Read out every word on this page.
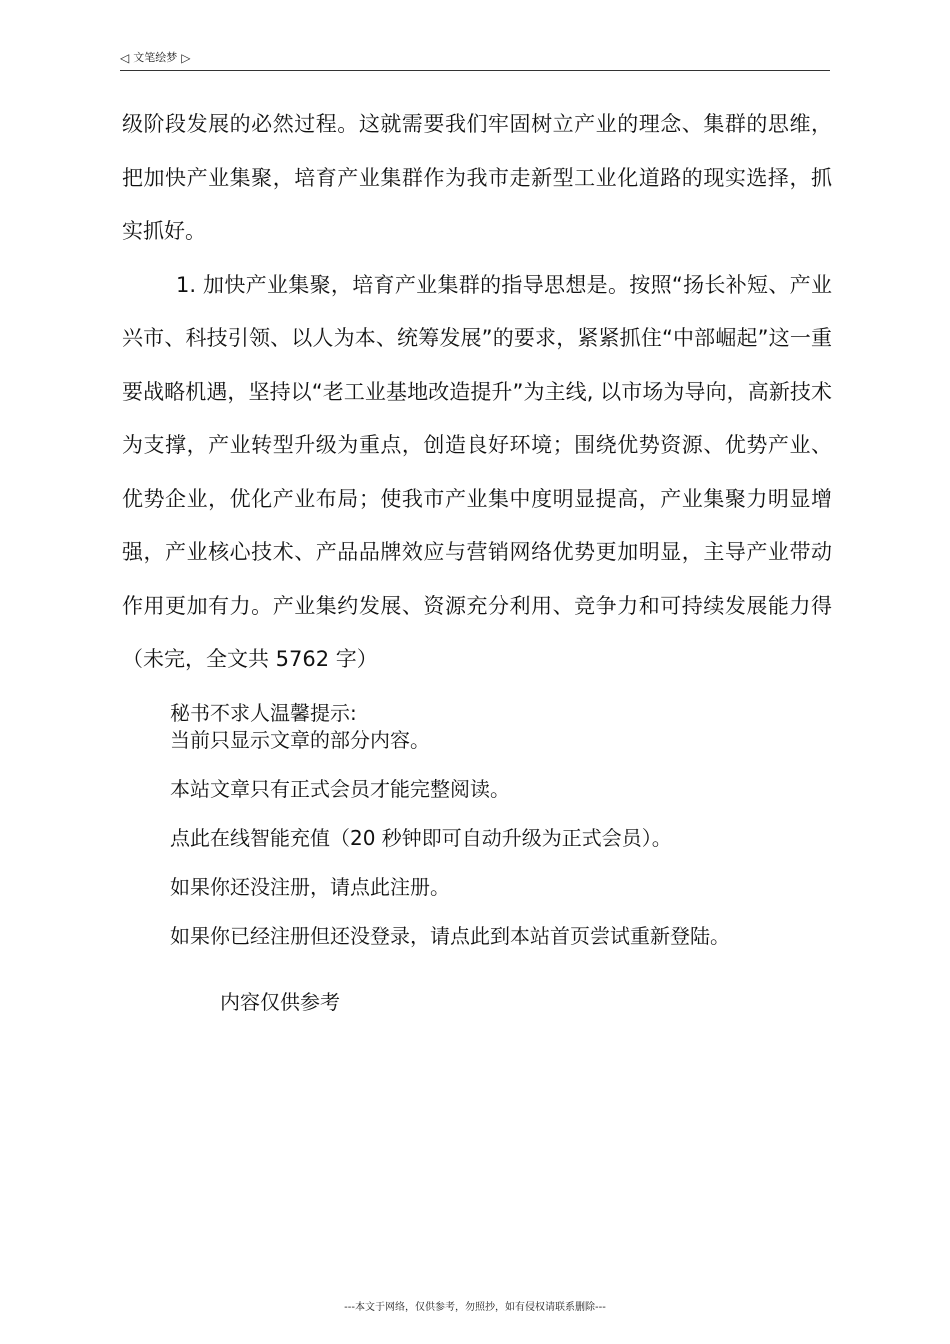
◁ 文笔绘梦 ▷

级阶段发展的必然过程。这就需要我们牢固树立产业的理念、集群的思维，把加快产业集聚，培育产业集群作为我市走新型工业化道路的现实选择，抓实抓好。

1. 加快产业集聚，培育产业集群的指导思想是。按照“扬长补短、产业兴市、科技引领、以人为本、统筹发展”的要求，紧紧抓住“中部崛起”这一重要战略机遇，坚持以“老工业基地改造提升”为主线, 以市场为导向，高新技术为支撑，产业转型升级为重点，创造良好环境；围绕优势资源、优势产业、优势企业，优化产业布局；使我市产业集中度明显提高，产业集聚力明显增强，产业核心技术、产品品牌效应与营销网络优势更加明显，主导产业带动作用更加有力。产业集约发展、资源充分利用、竞争力和可持续发展能力得（未完，全文共 5762 字）

秘书不求人温馨提示:

当前只显示文章的部分内容。

本站文章只有正式会员才能完整阅读。

点此在线智能充值（20 秒钟即可自动升级为正式会员）。

如果你还没注册，请点此注册。

如果你已经注册但还没登录，请点此到本站首页尝试重新登陆。

内容仅供参考
---本文于网络，仅供参考，勿照抄，如有侵权请联系删除---
